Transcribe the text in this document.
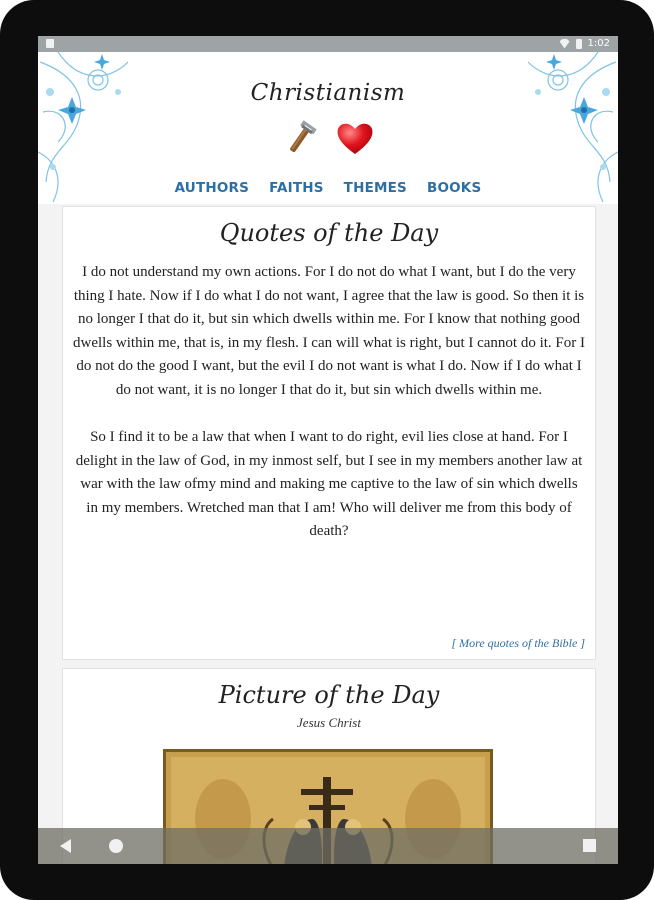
1:02
Christianism
AUTHORS FAITHS THEMES BOOKS
Quotes of the Day

I do not understand my own actions. For I do not do what I want, but I do the very thing I hate. Now if I do what I do not want, I agree that the law is good. So then it is no longer I that do it, but sin which dwells within me. For I know that nothing good dwells within me, that is, in my flesh. I can will what is right, but I cannot do it. For I do not do the good I want, but the evil I do not want is what I do. Now if I do what I do not want, it is no longer I that do it, but sin which dwells within me.

So I find it to be a law that when I want to do right, evil lies close at hand. For I delight in the law of God, in my inmost self, but I see in my members another law at war with the law ofmy mind and making me captive to the law of sin which dwells in my members. Wretched man that I am! Who will deliver me from this body of death?

[ More quotes of the Bible ]
Picture of the Day
Jesus Christ
